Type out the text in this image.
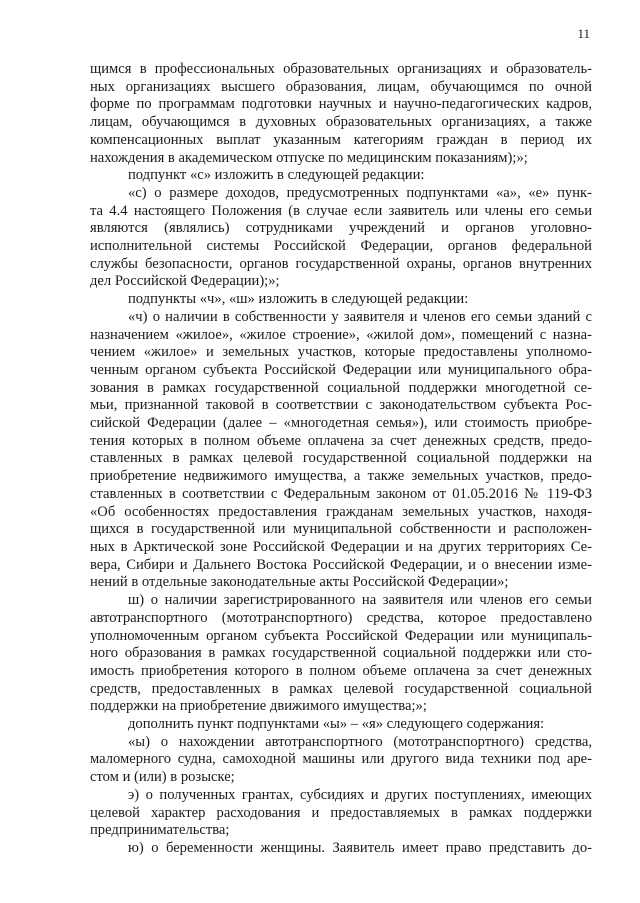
11

щимся в профессиональных образовательных организациях и образователь-
ных организациях высшего образования, лицам, обучающимся по очной
форме по программам подготовки научных и научно-педагогических кадров,
лицам, обучающимся в духовных образовательных организациях, а также
компенсационных выплат указанным категориям граждан в период их
нахождения в академическом отпуске по медицинским показаниям);»;

подпункт «с» изложить в следующей редакции:

«с) о размере доходов, предусмотренных подпунктами «а», «е» пунк-
та 4.4 настоящего Положения (в случае если заявитель или члены его семьи
являются (являлись) сотрудниками учреждений и органов уголовно-
исполнительной системы Российской Федерации, органов федеральной
службы безопасности, органов государственной охраны, органов внутренних
дел Российской Федерации);»;

подпункты «ч», «ш» изложить в следующей редакции:

«ч) о наличии в собственности у заявителя и членов его семьи зданий с
назначением «жилое», «жилое строение», «жилой дом», помещений с назна-
чением «жилое» и земельных участков, которые предоставлены уполномо-
ченным органом субъекта Российской Федерации или муниципального обра-
зования в рамках государственной социальной поддержки многодетной се-
мьи, признанной таковой в соответствии с законодательством субъекта Рос-
сийской Федерации (далее – «многодетная семья»), или стоимость приобре-
тения которых в полном объеме оплачена за счет денежных средств, предо-
ставленных в рамках целевой государственной социальной поддержки на
приобретение недвижимого имущества, а также земельных участков, предо-
ставленных в соответствии с Федеральным законом от 01.05.2016 № 119-ФЗ
«Об особенностях предоставления гражданам земельных участков, находя-
щихся в государственной или муниципальной собственности и расположен-
ных в Арктической зоне Российской Федерации и на других территориях Се-
вера, Сибири и Дальнего Востока Российской Федерации, и о внесении изме-
нений в отдельные законодательные акты Российской Федерации»;

ш) о наличии зарегистрированного на заявителя или членов его семьи
автотранспортного (мототранспортного) средства, которое предоставлено
уполномоченным органом субъекта Российской Федерации или муниципаль-
ного образования в рамках государственной социальной поддержки или сто-
имость приобретения которого в полном объеме оплачена за счет денежных
средств, предоставленных в рамках целевой государственной социальной
поддержки на приобретение движимого имущества;»;

дополнить пункт подпунктами «ы» – «я» следующего содержания:

«ы) о нахождении автотранспортного (мототранспортного) средства,
маломерного судна, самоходной машины или другого вида техники под аре-
стом и (или) в розыске;

э) о полученных грантах, субсидиях и других поступлениях, имеющих
целевой характер расходования и предоставляемых в рамках поддержки
предпринимательства;

ю) о беременности женщины. Заявитель имеет право представить до-
